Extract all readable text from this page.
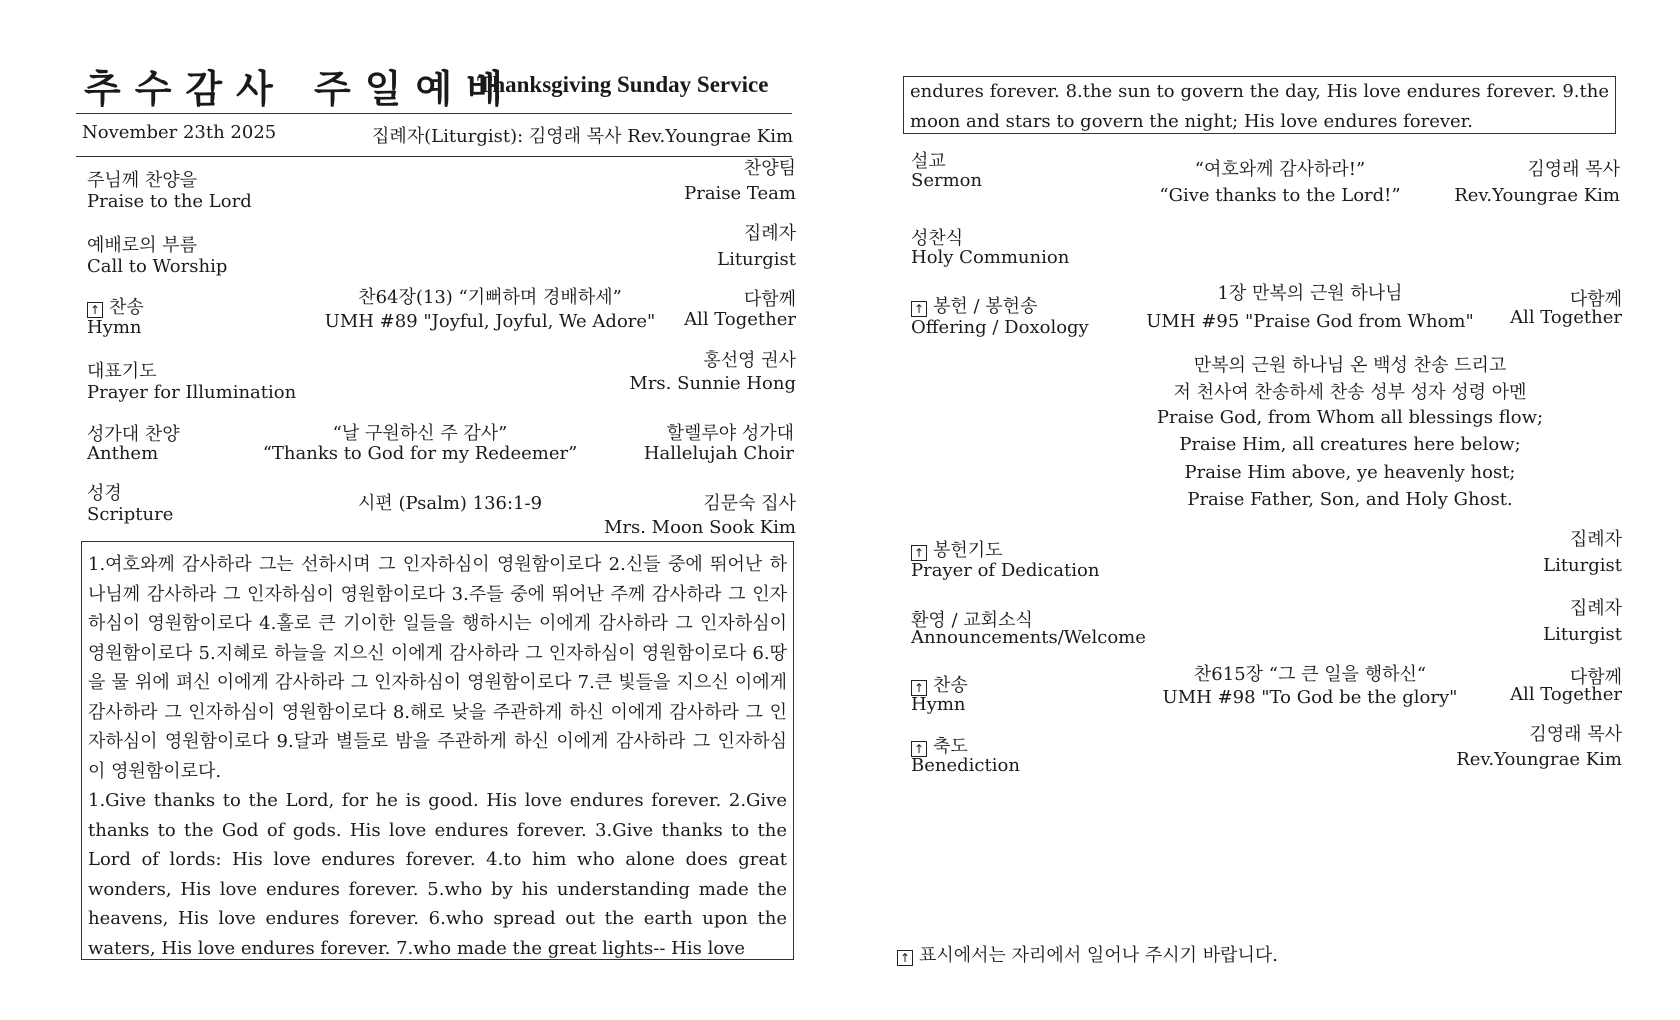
추수감사 주일예배
Thanksgiving Sunday Service
November 23th 2025	집례자(Liturgist): 김영래 목사 Rev.Youngrae Kim
주님께 찬양을
Praise to the Lord
찬양팀
Praise Team
예배로의 부름
Call to Worship
집례자
Liturgist
↑ 찬송
Hymn
찬64장(13) “기뻐하며 경배하세”
UMH #89 "Joyful, Joyful, We Adore"
다함께
All Together
대표기도
Prayer for Illumination
홍선영 권사
Mrs. Sunnie Hong
성가대 찬양
Anthem
“날 구원하신 주 감사”
“Thanks to God for my Redeemer”
할렐루야 성가대
Hallelujah Choir
성경
Scripture
시편 (Psalm) 136:1-9	김문숙 집사
Mrs. Moon Sook Kim

1.여호와께 감사하라 그는 선하시며 그 인자하심이 영원함이로다 2.신들 중에 뛰어난 하나님께 감사하라 그 인자하심이 영원함이로다 3.주들 중에 뛰어난 주께 감사하라 그 인자하심이 영원함이로다 4.홀로 큰 기이한 일들을 행하시는 이에게 감사하라 그 인자하심이 영원함이로다 5.지혜로 하늘을 지으신 이에게 감사하라 그 인자하심이 영원함이로다 6.땅을 물 위에 펴신 이에게 감사하라 그 인자하심이 영원함이로다 7.큰 빛들을 지으신 이에게 감사하라 그 인자하심이 영원함이로다 8.해로 낮을 주관하게 하신 이에게 감사하라 그 인자하심이 영원함이로다 9.달과 별들로 밤을 주관하게 하신 이에게 감사하라 그 인자하심이 영원함이로다.

1.Give thanks to the Lord, for he is good. His love endures forever. 2.Give thanks to the God of gods. His love endures forever. 3.Give thanks to the Lord of lords: His love endures forever. 4.to him who alone does great wonders, His love endures forever. 5.who by his understanding made the heavens, His love endures forever. 6.who spread out the earth upon the waters, His love endures forever. 7.who made the great lights-- His love

endures forever. 8.the sun to govern the day, His love endures forever. 9.the moon and stars to govern the night; His love endures forever.
설교
Sermon
“여호와께 감사하라!”
“Give thanks to the Lord!”
김영래 목사
Rev.Youngrae Kim
성찬식
Holy Communion
↑ 봉헌 / 봉헌송
Offering / Doxology
1장 만복의 근원 하나님
UMH #95 "Praise God from Whom"
다함께
All Together
만복의 근원 하나님 온 백성 찬송 드리고
저 천사여 찬송하세 찬송 성부 성자 성령 아멘
Praise God, from Whom all blessings flow;
Praise Him, all creatures here below;
Praise Him above, ye heavenly host;
Praise Father, Son, and Holy Ghost.
↑ 봉헌기도
Prayer of Dedication
집례자
Liturgist
환영 / 교회소식
Announcements/Welcome
집례자
Liturgist
↑ 찬송
Hymn
찬615장 “그 큰 일을 행하신“
UMH #98 "To God be the glory"
다함께
All Together
↑ 축도
Benediction
김영래 목사
Rev.Youngrae Kim
↑ 표시에서는 자리에서 일어나 주시기 바랍니다.
